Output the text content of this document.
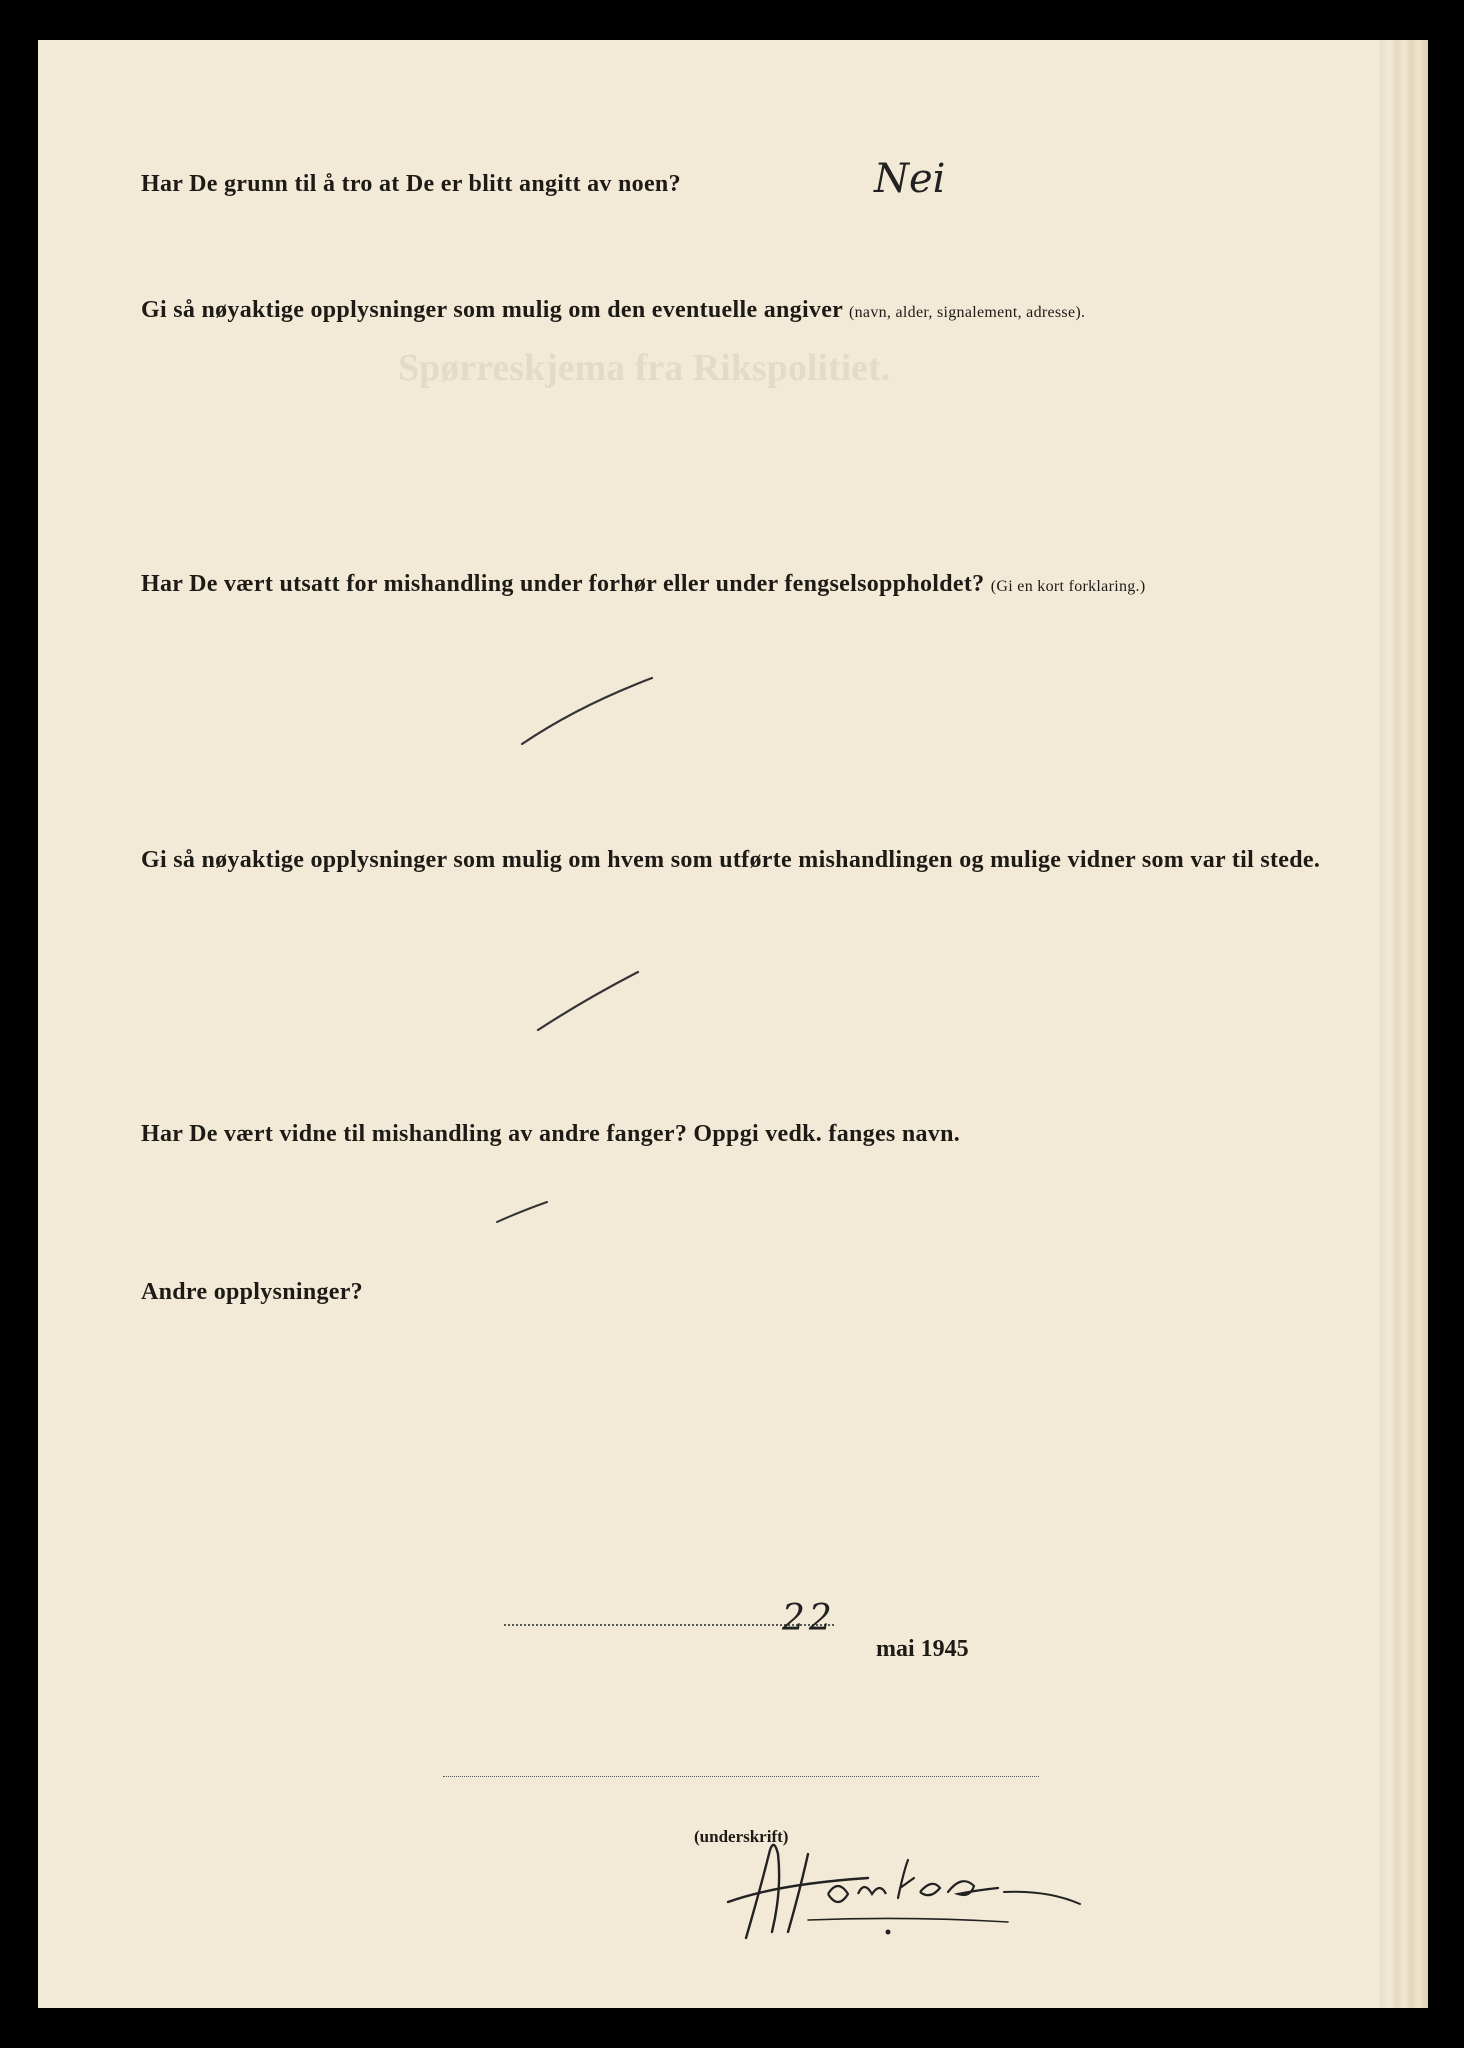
Spørreskjema fra Rikspolitiet.
Har De grunn til å tro at De er blitt angitt av noen?	Nei
Gi så nøyaktige opplysninger som mulig om den eventuelle angiver (navn, alder, signalement, adresse).
Har De vært utsatt for mishandling under forhør eller under fengselsoppholdet? (Gi en kort forklaring.)
Gi så nøyaktige opplysninger som mulig om hvem som utførte mishandlingen og mulige vidner som var til stede.
Har De vært vidne til mishandling av andre fanger? Oppgi vedk. fanges navn.
Andre opplysninger?
22
mai 1945
(underskrift)
